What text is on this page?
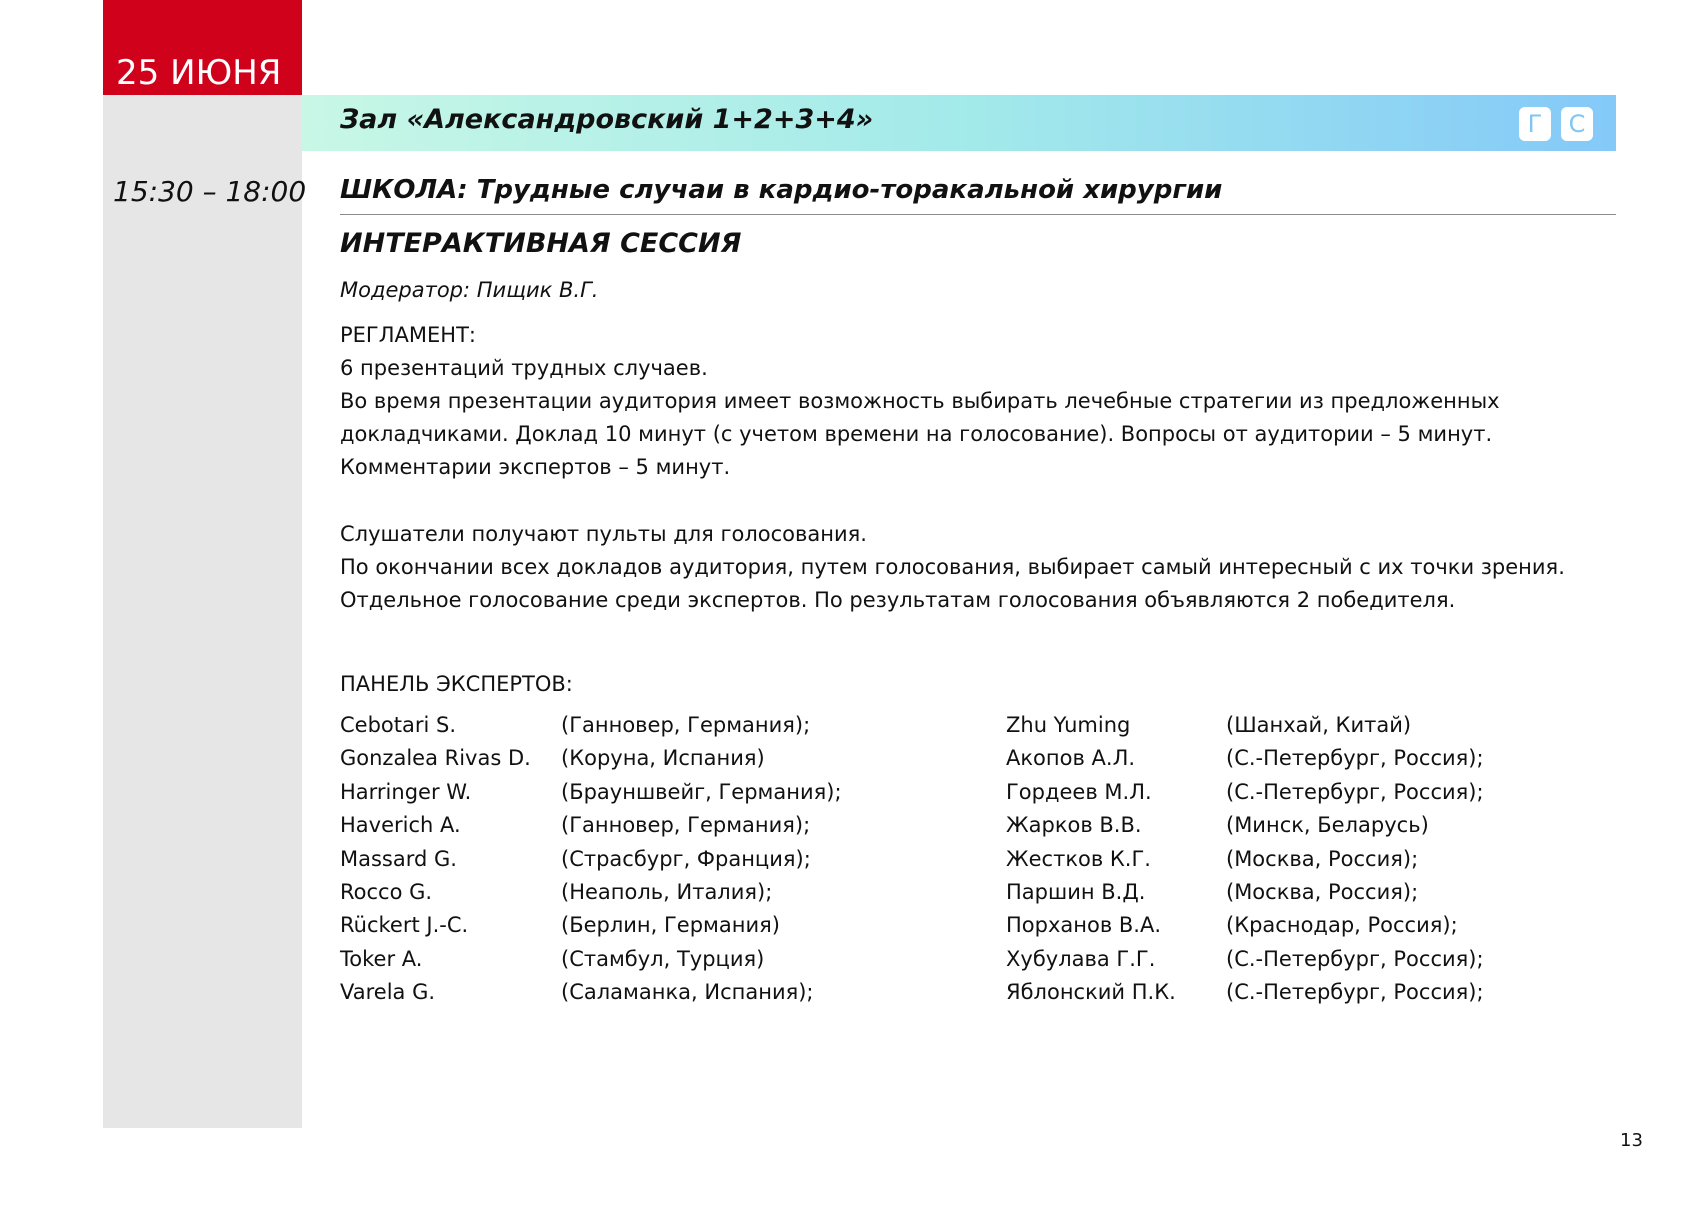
25 ИЮНЯ
Зал «Александровский 1+2+3+4»	Г	С
15:30 – 18:00 ШКОЛА: Трудные случаи в кардио-торакальной хирургии
ИНТЕРАКТИВНАЯ СЕССИЯ
Модератор: Пищик В.Г.
РЕГЛАМЕНТ:
6 презентаций трудных случаев.
Во время презентации аудитория имеет возможность выбирать лечебные стратегии из предложенных
докладчиками. Доклад 10 минут (с учетом времени на голосование). Вопросы от аудитории – 5 минут.
Комментарии экспертов – 5 минут.
Слушатели получают пульты для голосования.
По окончании всех докладов аудитория, путем голосования, выбирает самый интересный с их точки зрения.
Отдельное голосование среди экспертов. По результатам голосования объявляются 2 победителя.
ПАНЕЛЬ ЭКСПЕРТОВ:
Cebotari S.	(Ганновер, Германия);
Gonzalea Rivas D. (Коруна, Испания)
Harringer W.	(Брауншвейг, Германия);
Haverich A.	(Ганновер, Германия);
Massard G.	(Страсбург, Франция);
Rocco G.	(Неаполь, Италия);
Rückert J.-C.	(Берлин, Германия)
Toker A.	(Стамбул, Турция)
Varela G.	(Саламанка, Испания);
Zhu Yuming	(Шанхай, Китай)
Акопов А.Л.	(С.-Петербург, Россия);
Гордеев М.Л.	(С.-Петербург, Россия);
Жарков В.В.	(Минск, Беларусь)
Жестков К.Г.	(Москва, Россия);
Паршин В.Д.	(Москва, Россия);
Порханов В.А.	(Краснодар, Россия);
Хубулава Г.Г.	(С.-Петербург, Россия);
Яблонский П.К. (С.-Петербург, Россия);
13
